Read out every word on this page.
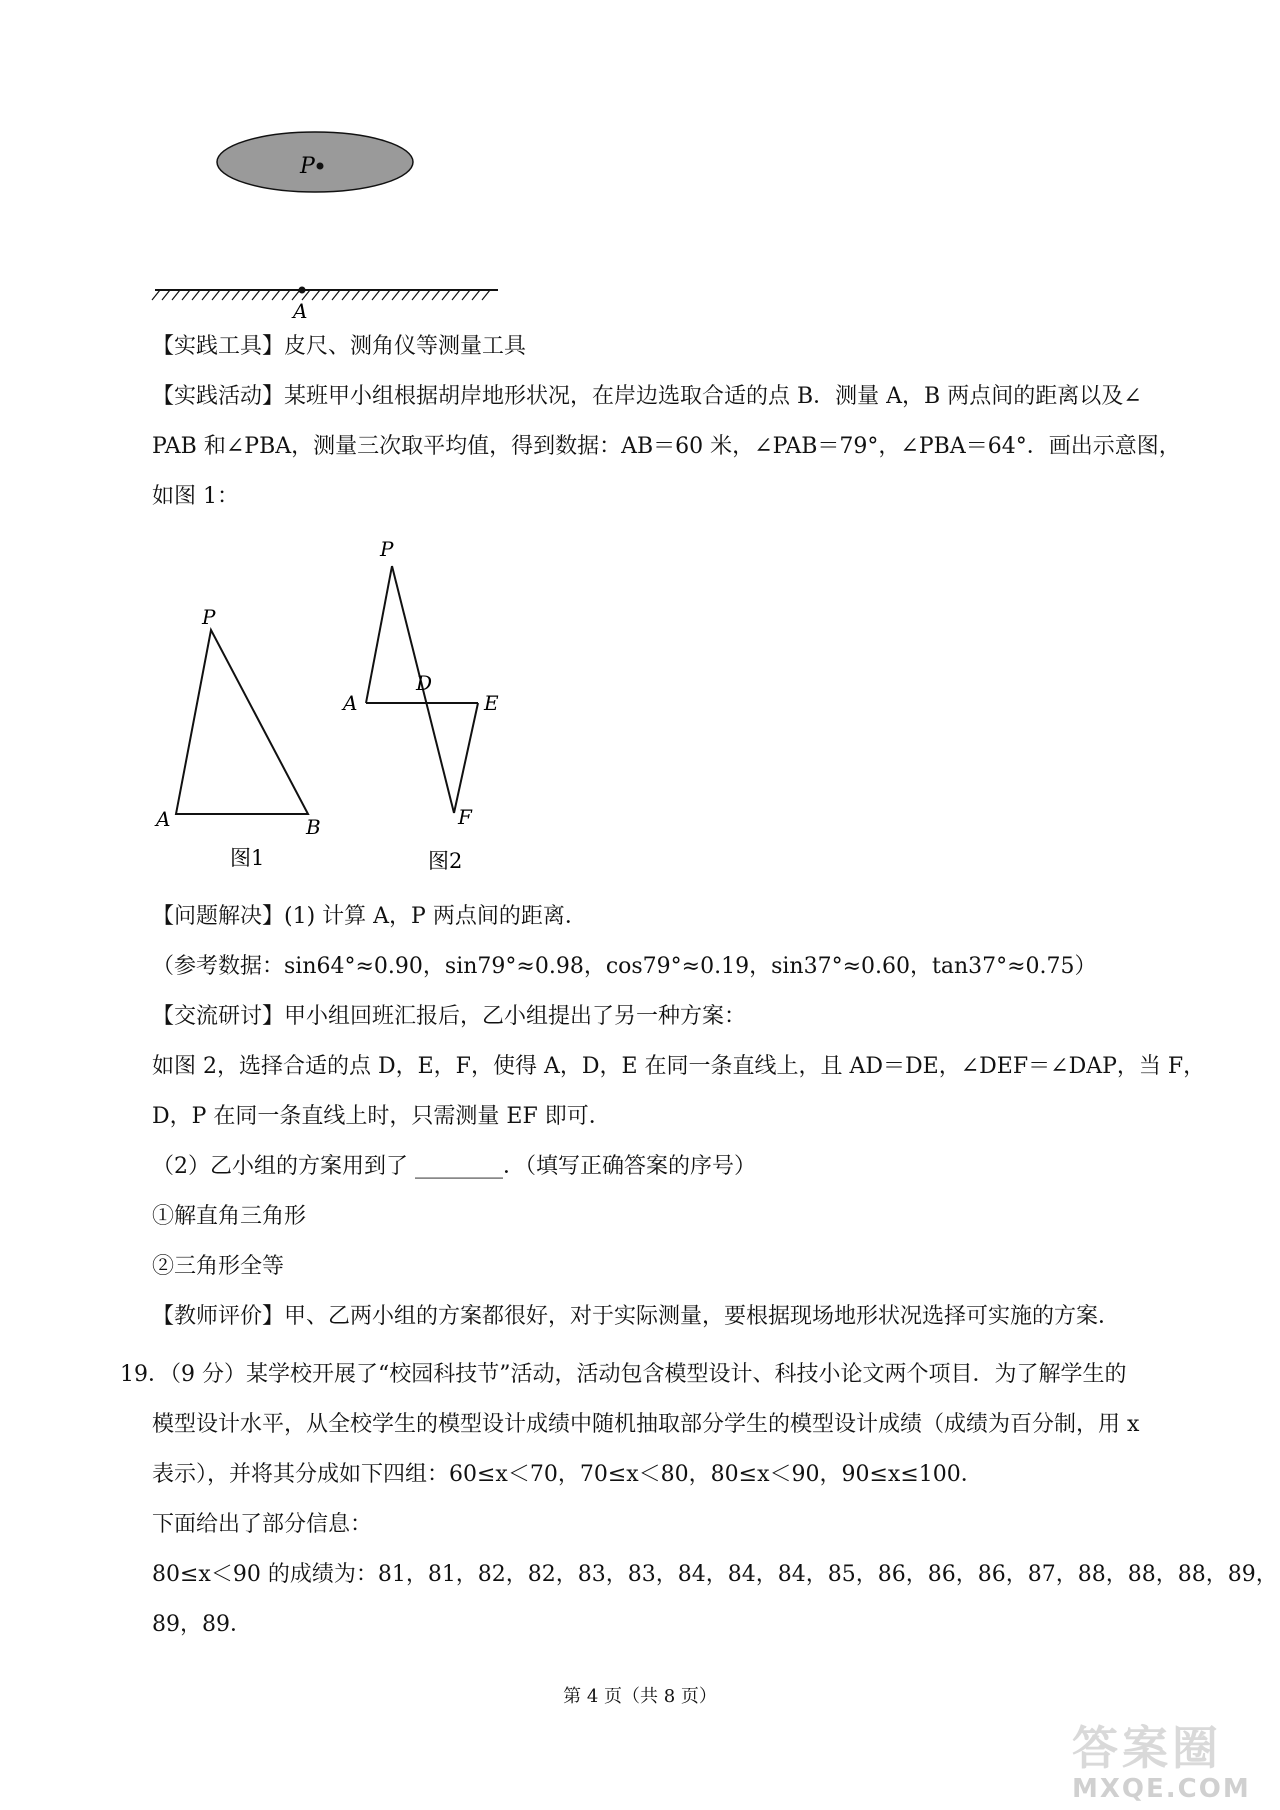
P
A
【实践工具】皮尺、测角仪等测量工具
【实践活动】某班甲小组根据胡岸地形状况，在岸边选取合适的点 B．测量 A，B 两点间的距离以及∠
PAB 和∠PBA，测量三次取平均值，得到数据：AB＝60 米，∠PAB＝79°，∠PBA＝64°．画出示意图，
如图 1：
P
A	B
图1
P
A
D
E
F
图2
【问题解决】(1) 计算 A，P 两点间的距离．
（参考数据：sin64°≈0.90，sin79°≈0.98，cos79°≈0.19，sin37°≈0.60，tan37°≈0.75）
【交流研讨】甲小组回班汇报后，乙小组提出了另一种方案：
如图 2，选择合适的点 D，E，F，使得 A，D，E 在同一条直线上，且 AD＝DE，∠DEF＝∠DAP，当 F，
D，P 在同一条直线上时，只需测量 EF 即可．
（2）乙小组的方案用到了 ________．（填写正确答案的序号）
①解直角三角形
②三角形全等
【教师评价】甲、乙两小组的方案都很好，对于实际测量，要根据现场地形状况选择可实施的方案．
19．（9 分）某学校开展了“校园科技节”活动，活动包含模型设计、科技小论文两个项目．为了解学生的
模型设计水平，从全校学生的模型设计成绩中随机抽取部分学生的模型设计成绩（成绩为百分制，用 x
表示），并将其分成如下四组：60≤x＜70，70≤x＜80，80≤x＜90，90≤x≤100．
下面给出了部分信息：
80≤x＜90 的成绩为：81，81，82，82，83，83，84，84，84，85，86，86，86，87，88，88，88，89，
89，89．
第 4 页（共 8 页）
答案圈
MXQE.COM
